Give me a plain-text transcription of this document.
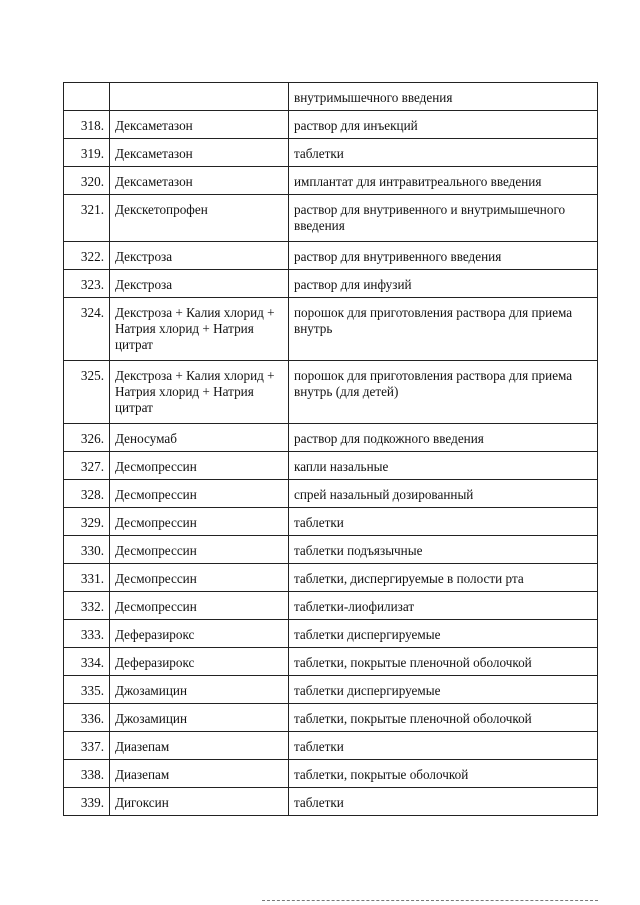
		внутримышечного введения
318.	Дексаметазон	раствор для инъекций
319.	Дексаметазон	таблетки
320.	Дексаметазон	имплантат для интравитреального введения
321.	Декскетопрофен	раствор для внутривенного и внутримышечного введения
322.	Декстроза	раствор для внутривенного введения
323.	Декстроза	раствор для инфузий
324.	Декстроза + Калия хлорид + Натрия хлорид + Натрия цитрат	порошок для приготовления раствора для приема внутрь
325.	Декстроза + Калия хлорид + Натрия хлорид + Натрия цитрат	порошок для приготовления раствора для приема внутрь (для детей)
326.	Деносумаб	раствор для подкожного введения
327.	Десмопрессин	капли назальные
328.	Десмопрессин	спрей назальный дозированный
329.	Десмопрессин	таблетки
330.	Десмопрессин	таблетки подъязычные
331.	Десмопрессин	таблетки, диспергируемые в полости рта
332.	Десмопрессин	таблетки-лиофилизат
333.	Деферазирокс	таблетки диспергируемые
334.	Деферазирокс	таблетки, покрытые пленочной оболочкой
335.	Джозамицин	таблетки диспергируемые
336.	Джозамицин	таблетки, покрытые пленочной оболочкой
337.	Диазепам	таблетки
338.	Диазепам	таблетки, покрытые оболочкой
339.	Дигоксин	таблетки
